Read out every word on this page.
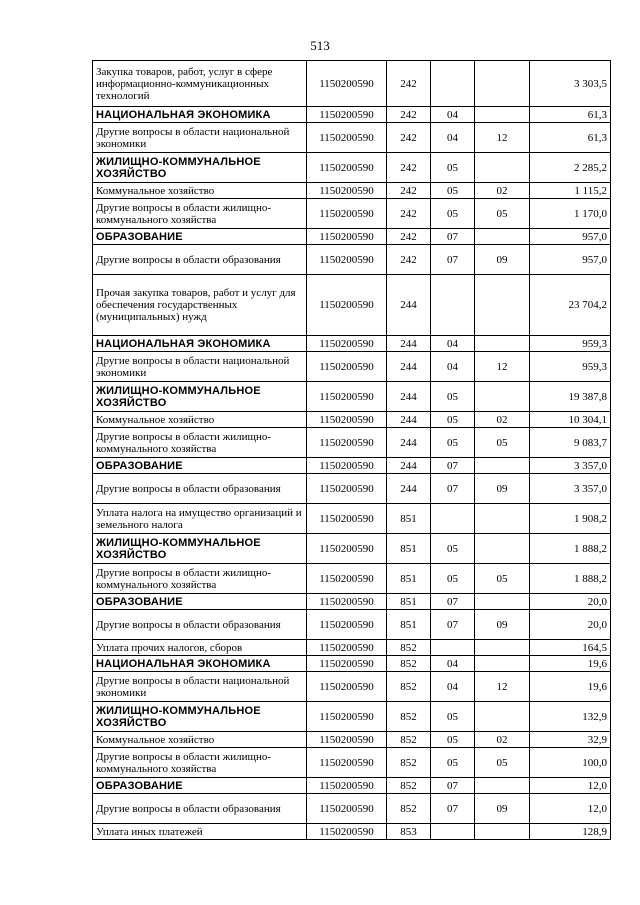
513
Закупка товаров, работ, услуг в сфере информационно-коммуникационных технологий	1150200590	242			3 303,5
НАЦИОНАЛЬНАЯ ЭКОНОМИКА	1150200590	242	04		61,3
Другие вопросы в области национальной экономики	1150200590	242	04	12	61,3
ЖИЛИЩНО-КОММУНАЛЬНОЕ ХОЗЯЙСТВО	1150200590	242	05		2 285,2
Коммунальное хозяйство	1150200590	242	05	02	1 115,2
Другие вопросы в области жилищно-коммунального хозяйства	1150200590	242	05	05	1 170,0
ОБРАЗОВАНИЕ	1150200590	242	07		957,0
Другие вопросы в области образования	1150200590	242	07	09	957,0
Прочая закупка товаров, работ и услуг для обеспечения государственных (муниципальных) нужд	1150200590	244			23 704,2
НАЦИОНАЛЬНАЯ ЭКОНОМИКА	1150200590	244	04		959,3
Другие вопросы в области национальной экономики	1150200590	244	04	12	959,3
ЖИЛИЩНО-КОММУНАЛЬНОЕ ХОЗЯЙСТВО	1150200590	244	05		19 387,8
Коммунальное хозяйство	1150200590	244	05	02	10 304,1
Другие вопросы в области жилищно-коммунального хозяйства	1150200590	244	05	05	9 083,7
ОБРАЗОВАНИЕ	1150200590	244	07		3 357,0
Другие вопросы в области образования	1150200590	244	07	09	3 357,0
Уплата налога на имущество организаций и земельного налога	1150200590	851			1 908,2
ЖИЛИЩНО-КОММУНАЛЬНОЕ ХОЗЯЙСТВО	1150200590	851	05		1 888,2
Другие вопросы в области жилищно-коммунального хозяйства	1150200590	851	05	05	1 888,2
ОБРАЗОВАНИЕ	1150200590	851	07		20,0
Другие вопросы в области образования	1150200590	851	07	09	20,0
Уплата прочих налогов, сборов	1150200590	852			164,5
НАЦИОНАЛЬНАЯ ЭКОНОМИКА	1150200590	852	04		19,6
Другие вопросы в области национальной экономики	1150200590	852	04	12	19,6
ЖИЛИЩНО-КОММУНАЛЬНОЕ ХОЗЯЙСТВО	1150200590	852	05		132,9
Коммунальное хозяйство	1150200590	852	05	02	32,9
Другие вопросы в области жилищно-коммунального хозяйства	1150200590	852	05	05	100,0
ОБРАЗОВАНИЕ	1150200590	852	07		12,0
Другие вопросы в области образования	1150200590	852	07	09	12,0
Уплата иных платежей	1150200590	853			128,9
